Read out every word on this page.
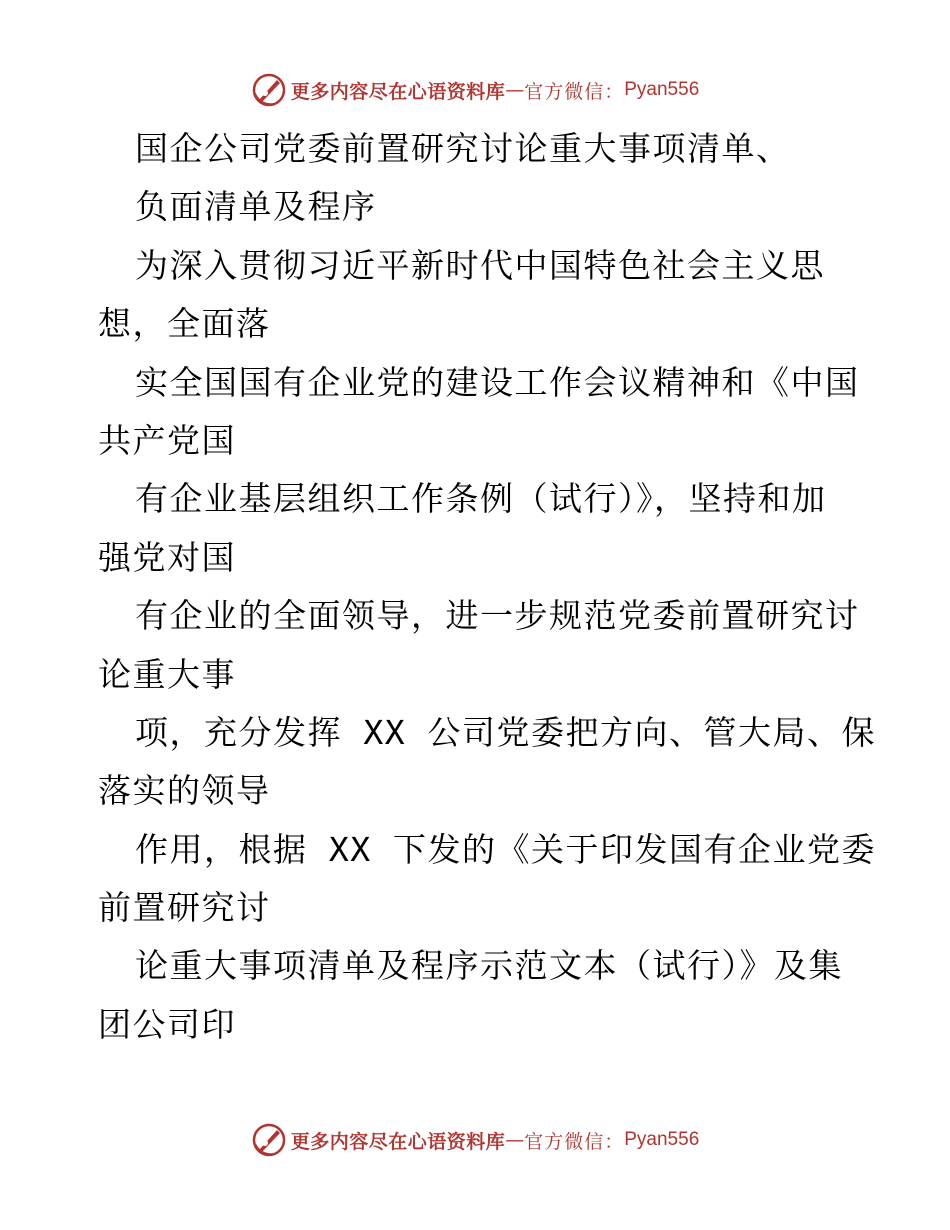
更多内容尽在心语资料库 — 官方微信： Pyan556
国企公司党委前置研究讨论重大事项清单、
负面清单及程序
为深入贯彻习近平新时代中国特色社会主义思
想，全面落
实全国国有企业党的建设工作会议精神和《中国
共产党国
有企业基层组织工作条例（试行）》，坚持和加
强党对国
有企业的全面领导，进一步规范党委前置研究讨
论重大事
项，充分发挥 XX 公司党委把方向、管大局、保
落实的领导
作用，根据 XX 下发的《关于印发国有企业党委
前置研究讨
论重大事项清单及程序示范文本（试行）》及集
团公司印
更多内容尽在心语资料库 — 官方微信： Pyan556
